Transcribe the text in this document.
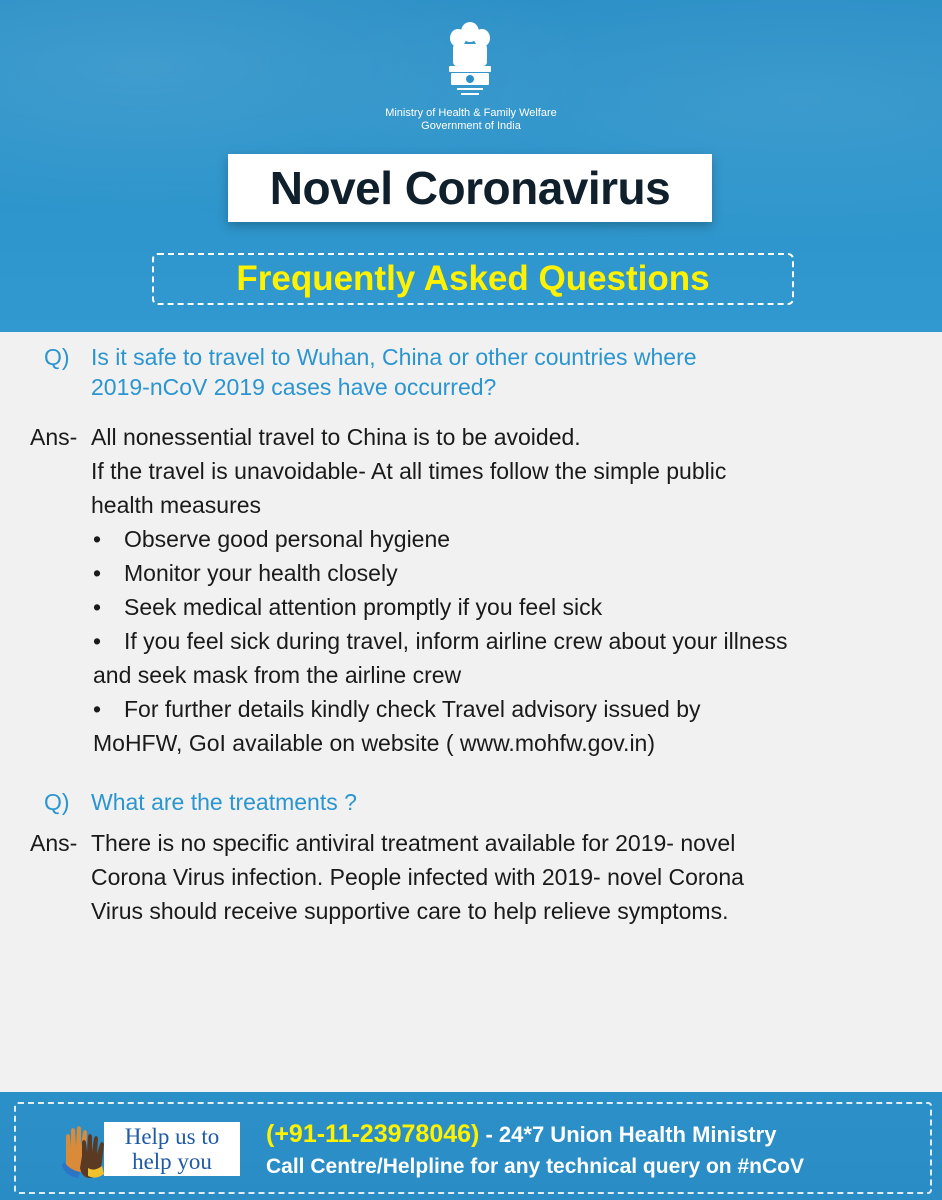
Ministry of Health & Family Welfare
Government of India
Novel Coronavirus
Frequently Asked Questions
Q) Is it safe to travel to Wuhan, China or other countries where
2019-nCoV 2019 cases have occurred?
Ans- All nonessential travel to China is to be avoided.
If the travel is unavoidable- At all times follow the simple public
health measures
• Observe good personal hygiene
• Monitor your health closely
• Seek medical attention promptly if you feel sick
• If you feel sick during travel, inform airline crew about your illness
and seek mask from the airline crew
• For further details kindly check Travel advisory issued by
MoHFW, GoI available on website ( www.mohfw.gov.in)
Q) What are the treatments ?
Ans- There is no specific antiviral treatment available for 2019- novel
Corona Virus infection. People infected with 2019- novel Corona
Virus should receive supportive care to help relieve symptoms.
Help us to
help you
(+91-11-23978046) - 24*7 Union Health Ministry
Call Centre/Helpline for any technical query on #nCoV
